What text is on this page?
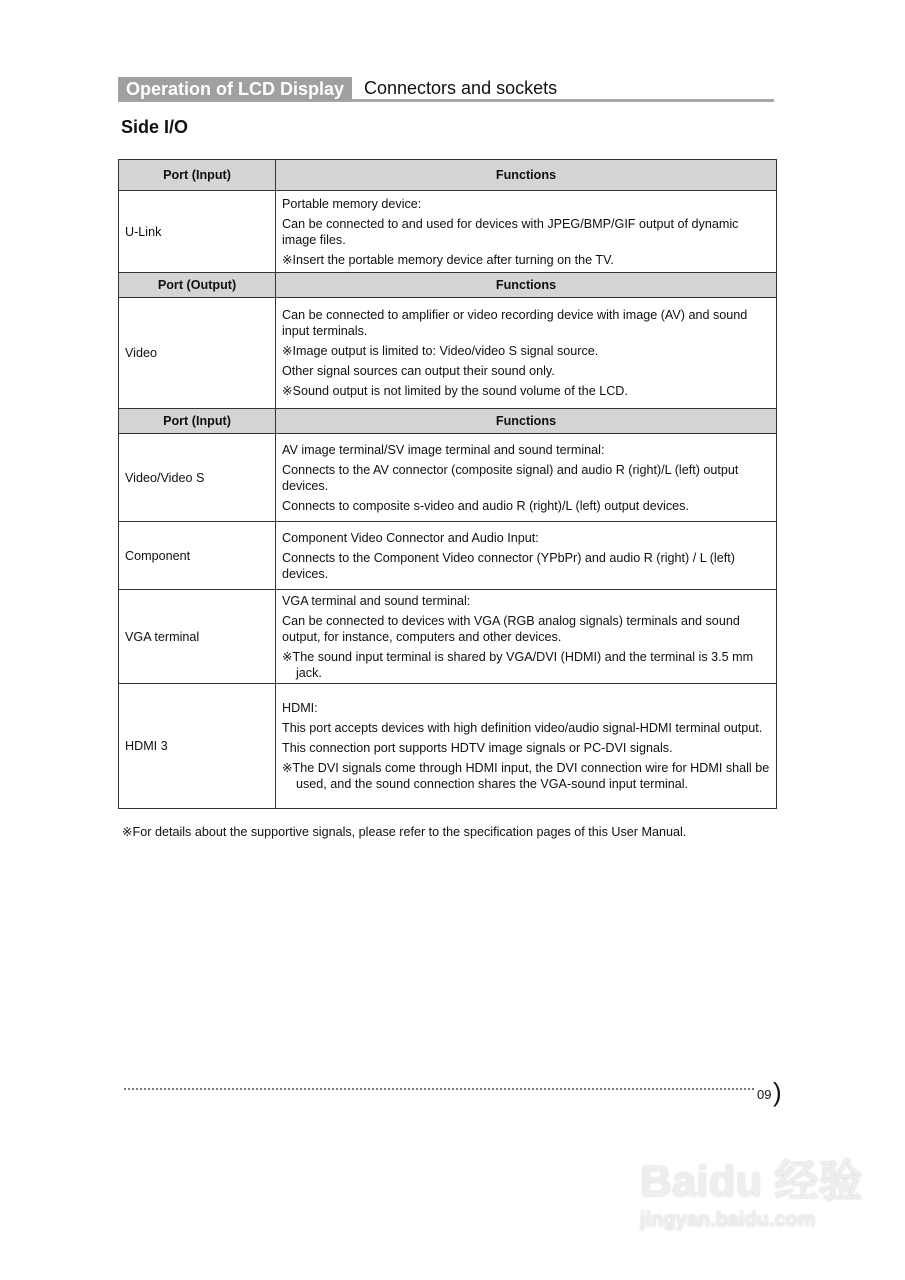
Operation of LCD Display	Connectors and sockets
Side I/O
Port (Input)	Functions
U-Link	Portable memory device:

Can be connected to and used for devices with JPEG/BMP/GIF output of dynamic image files.

※Insert the portable memory device after turning on the TV.

Port (Output)	Functions
Video	Can be connected to amplifier or video recording device with image (AV) and sound input terminals.

※Image output is limited to: Video/video S signal source.

Other signal sources can output their sound only.

※Sound output is not limited by the sound volume of the LCD.

Port (Input)	Functions
Video/Video S	AV image terminal/SV image terminal and sound terminal:

Connects to the AV connector (composite signal) and audio R (right)/L (left) output devices.

Connects to composite s-video and audio R (right)/L (left) output devices.

Component	Component Video Connector and Audio Input:

Connects to the Component Video connector (YPbPr) and audio R (right) / L (left) devices.

VGA terminal	VGA terminal and sound terminal:

Can be connected to devices with VGA (RGB analog signals) terminals and sound output, for instance, computers and other devices.

※The sound input terminal is shared by VGA/DVI (HDMI) and the terminal is 3.5 mm jack.

HDMI 3	HDMI:

This port accepts devices with high definition video/audio signal-HDMI terminal output.

This connection port supports HDTV image signals or PC-DVI signals.

※The DVI signals come through HDMI input, the DVI connection wire for HDMI shall be used, and the sound connection shares the VGA-sound input terminal.

※For details about the supportive signals, please refer to the specification pages of this User Manual.
09 )
Baidu 经验
jingyan.baidu.com
